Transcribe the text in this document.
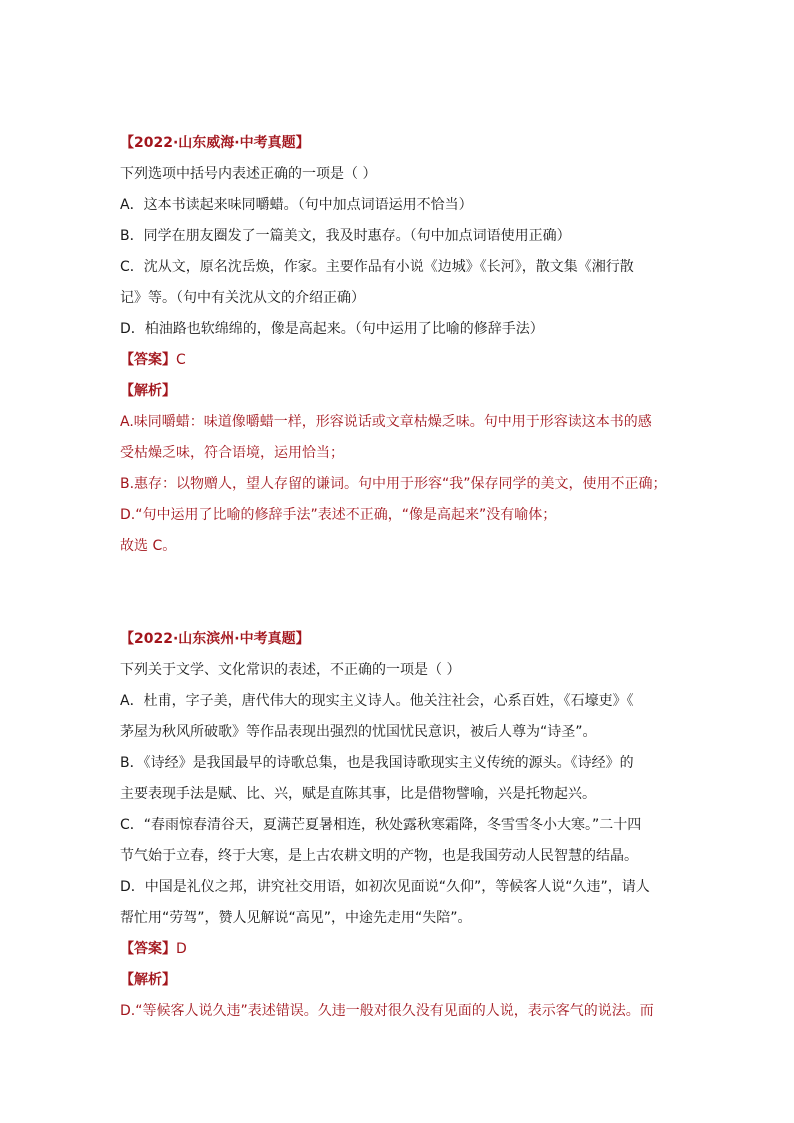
【2022·山东威海·中考真题】
下列选项中括号内表述正确的一项是（ ）
A．这本书读起来味同嚼蜡。（句中加点词语运用不恰当）
B．同学在朋友圈发了一篇美文，我及时惠存。（句中加点词语使用正确）
C．沈从文，原名沈岳焕，作家。主要作品有小说《边城》《长河》，散文集《湘行散
记》等。（句中有关沈从文的介绍正确）
D．柏油路也软绵绵的，像是高起来。（句中运用了比喻的修辞手法）
【答案】C
【解析】
A.味同嚼蜡：味道像嚼蜡一样，形容说话或文章枯燥乏味。句中用于形容读这本书的感
受枯燥乏味，符合语境，运用恰当；
B.惠存：以物赠人，望人存留的谦词。句中用于形容“我”保存同学的美文，使用不正确；
D.“句中运用了比喻的修辞手法”表述不正确，“像是高起来”没有喻体；
故选 C。
【2022·山东滨州·中考真题】
下列关于文学、文化常识的表述，不正确的一项是（ ）
A．杜甫，字子美，唐代伟大的现实主义诗人。他关注社会，心系百姓，《石壕吏》《
茅屋为秋风所破歌》等作品表现出强烈的忧国忧民意识，被后人尊为“诗圣”。
B．《诗经》是我国最早的诗歌总集，也是我国诗歌现实主义传统的源头。《诗经》的
主要表现手法是赋、比、兴，赋是直陈其事，比是借物譬喻，兴是托物起兴。
C．“春雨惊春清谷天，夏满芒夏暑相连，秋处露秋寒霜降，冬雪雪冬小大寒。”二十四
节气始于立春，终于大寒，是上古农耕文明的产物，也是我国劳动人民智慧的结晶。
D．中国是礼仪之邦，讲究社交用语，如初次见面说“久仰”，等候客人说“久违”，请人
帮忙用“劳驾”，赞人见解说“高见”，中途先走用“失陪”。
【答案】D
【解析】
D.“等候客人说久违”表述错误。久违一般对很久没有见面的人说，表示客气的说法。而
